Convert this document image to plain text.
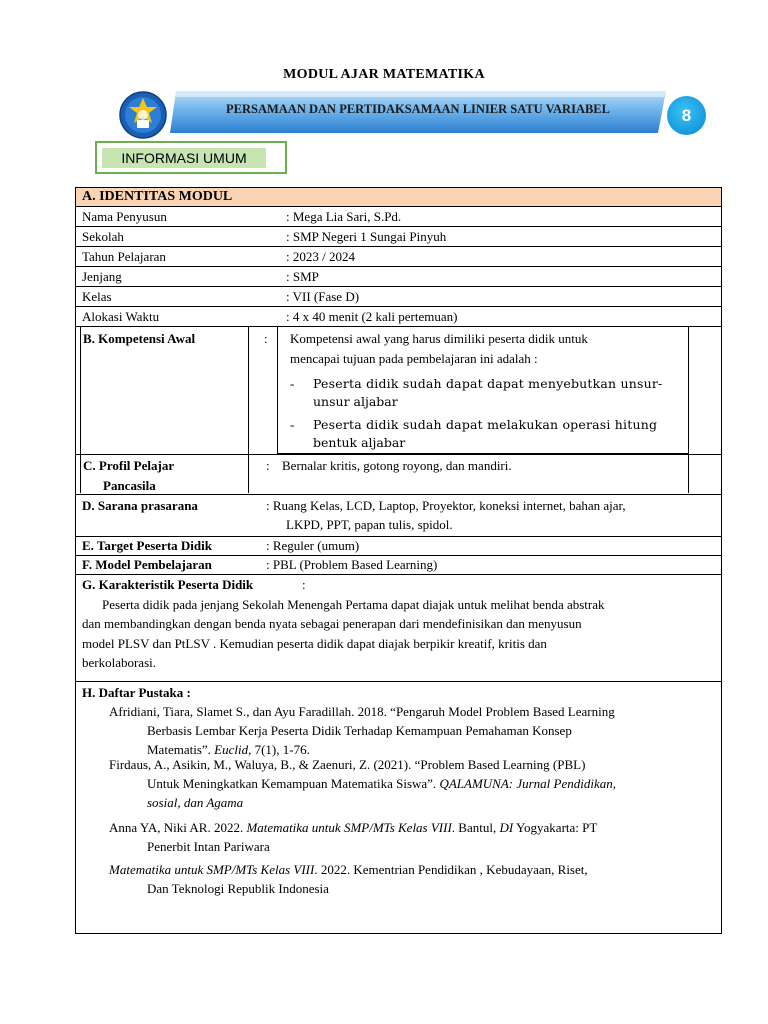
MODUL AJAR MATEMATIKA
PERSAMAAN DAN PERTIDAKSAMAAN LINIER SATU VARIABEL	8
INFORMASI UMUM
A. IDENTITAS MODUL
Nama Penyusun	: Mega Lia Sari, S.Pd.
Sekolah	: SMP Negeri 1 Sungai Pinyuh
Tahun Pelajaran	: 2023 / 2024
Jenjang	: SMP
Kelas	: VII (Fase D)
Alokasi Waktu	: 4 x 40 menit (2 kali pertemuan)
B. Kompetensi Awal	: Kompetensi awal yang harus dimiliki peserta didik untuk
mencapai tujuan pada pembelajaran ini adalah :
- Peserta didik sudah dapat dapat menyebutkan unsur-
unsur aljabar
- Peserta didik sudah dapat melakukan operasi hitung
bentuk aljabar
C. Profil Pelajar
Pancasila
: Bernalar kritis, gotong royong, dan mandiri.
D. Sarana prasarana	: Ruang Kelas, LCD, Laptop, Proyektor, koneksi internet, bahan ajar,
LKPD, PPT, papan tulis, spidol.
E. Target Peserta Didik	: Reguler (umum)
F. Model Pembelajaran	: PBL (Problem Based Learning)
G. Karakteristik Peserta Didik	:
Peserta didik pada jenjang Sekolah Menengah Pertama dapat diajak untuk melihat benda abstrak
dan membandingkan dengan benda nyata sebagai penerapan dari mendefinisikan dan menyusun
model PLSV dan PtLSV . Kemudian peserta didik dapat diajak berpikir kreatif, kritis dan
berkolaborasi.
H. Daftar Pustaka :
Afridiani, Tiara, Slamet S., dan Ayu Faradillah. 2018. “Pengaruh Model Problem Based Learning
Berbasis Lembar Kerja Peserta Didik Terhadap Kemampuan Pemahaman Konsep
Matematis”. Euclid, 7(1), 1-76.
Firdaus, A., Asikin, M., Waluya, B., & Zaenuri, Z. (2021). “Problem Based Learning (PBL)
Untuk Meningkatkan Kemampuan Matematika Siswa”. QALAMUNA: Jurnal Pendidikan,
sosial, dan Agama
Anna YA, Niki AR. 2022. Matematika untuk SMP/MTs Kelas VIII. Bantul, DI Yogyakarta: PT
Penerbit Intan Pariwara
Matematika untuk SMP/MTs Kelas VIII. 2022. Kementrian Pendidikan , Kebudayaan, Riset,
Dan Teknologi Republik Indonesia
